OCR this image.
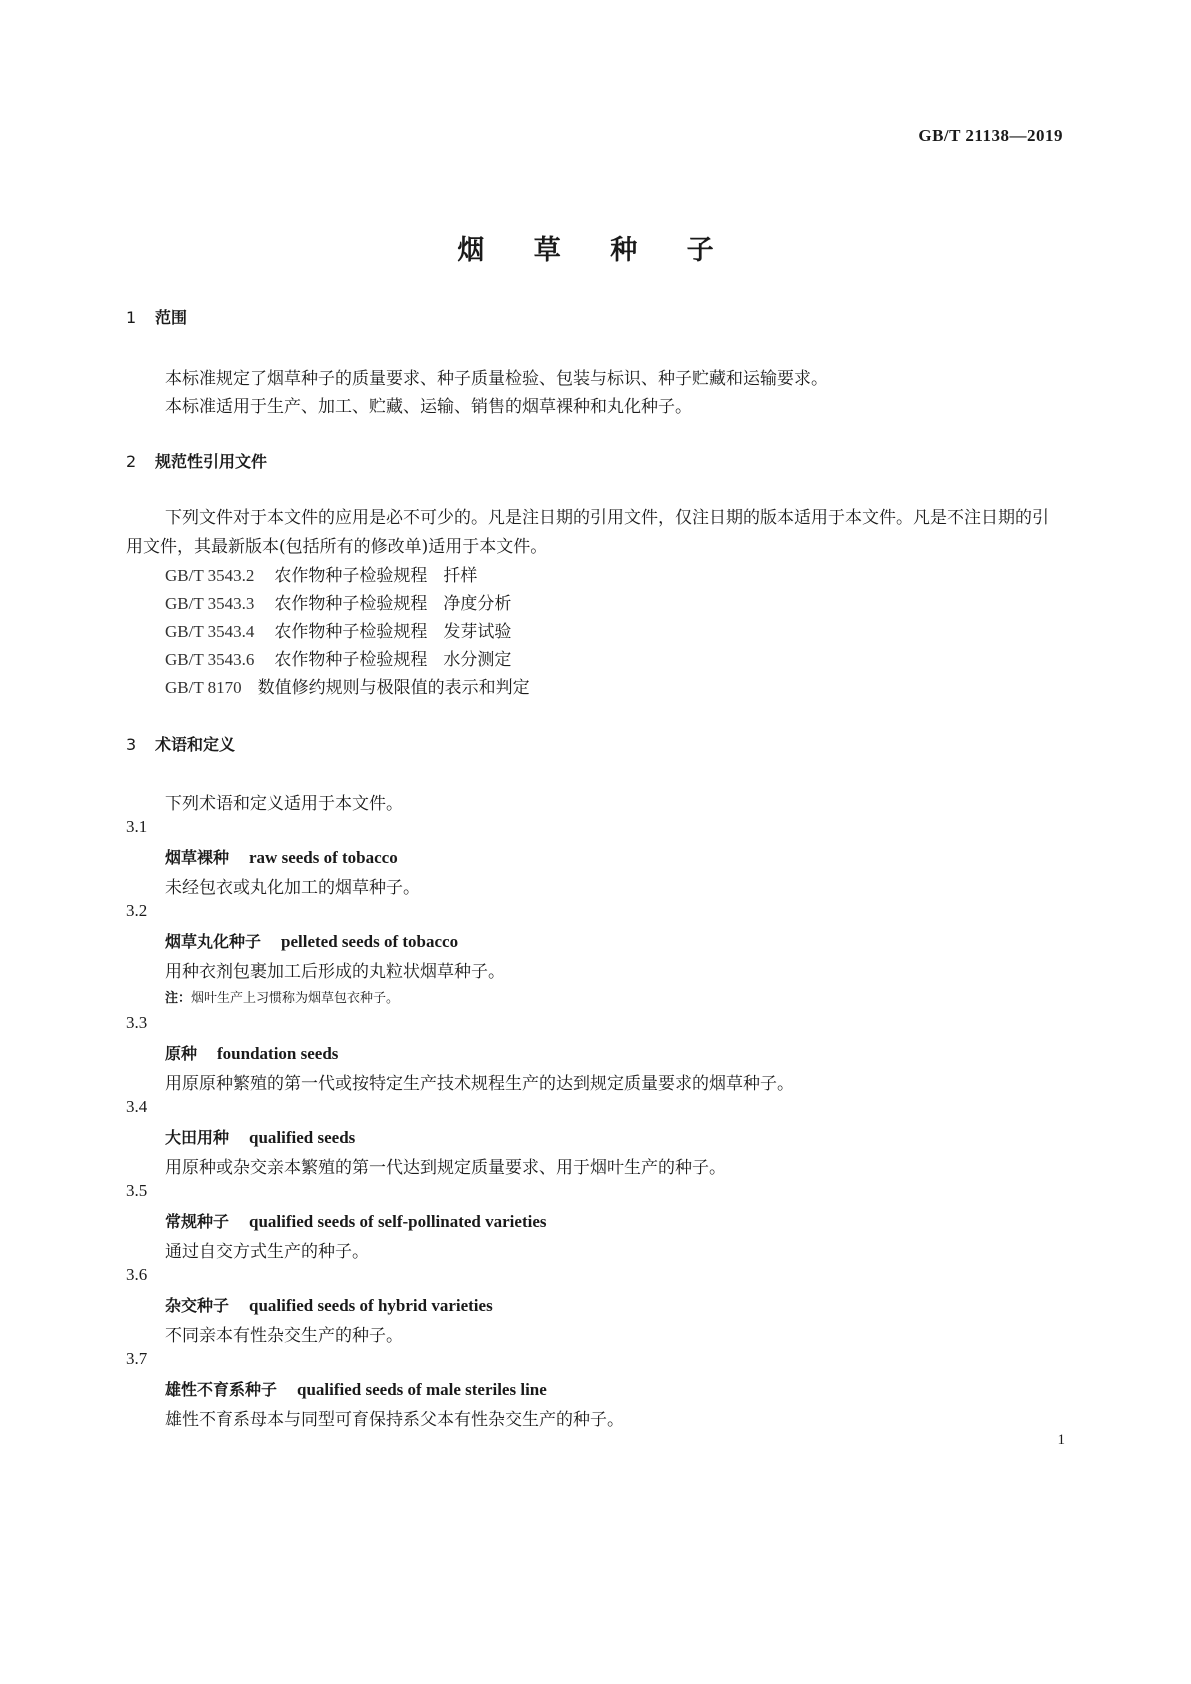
GB/T 21138—2019
烟 草 种 子
1 范围
本标准规定了烟草种子的质量要求、种子质量检验、包装与标识、种子贮藏和运输要求。
本标准适用于生产、加工、贮藏、运输、销售的烟草裸种和丸化种子。
2 规范性引用文件
下列文件对于本文件的应用是必不可少的。凡是注日期的引用文件，仅注日期的版本适用于本文件。凡是不注日期的引用文件，其最新版本(包括所有的修改单)适用于本文件。
GB/T 3543.2 农作物种子检验规程 扦样
GB/T 3543.3 农作物种子检验规程 净度分析
GB/T 3543.4 农作物种子检验规程 发芽试验
GB/T 3543.6 农作物种子检验规程 水分测定
GB/T 8170 数值修约规则与极限值的表示和判定
3 术语和定义
下列术语和定义适用于本文件。
3.1
烟草裸种 raw seeds of tobacco
未经包衣或丸化加工的烟草种子。
3.2
烟草丸化种子 pelleted seeds of tobacco
用种衣剂包裹加工后形成的丸粒状烟草种子。
注：烟叶生产上习惯称为烟草包衣种子。
3.3
原种 foundation seeds
用原原种繁殖的第一代或按特定生产技术规程生产的达到规定质量要求的烟草种子。
3.4
大田用种 qualified seeds
用原种或杂交亲本繁殖的第一代达到规定质量要求、用于烟叶生产的种子。
3.5
常规种子 qualified seeds of self-pollinated varieties
通过自交方式生产的种子。
3.6
杂交种子 qualified seeds of hybrid varieties
不同亲本有性杂交生产的种子。
3.7
雄性不育系种子 qualified seeds of male steriles line
雄性不育系母本与同型可育保持系父本有性杂交生产的种子。
1
